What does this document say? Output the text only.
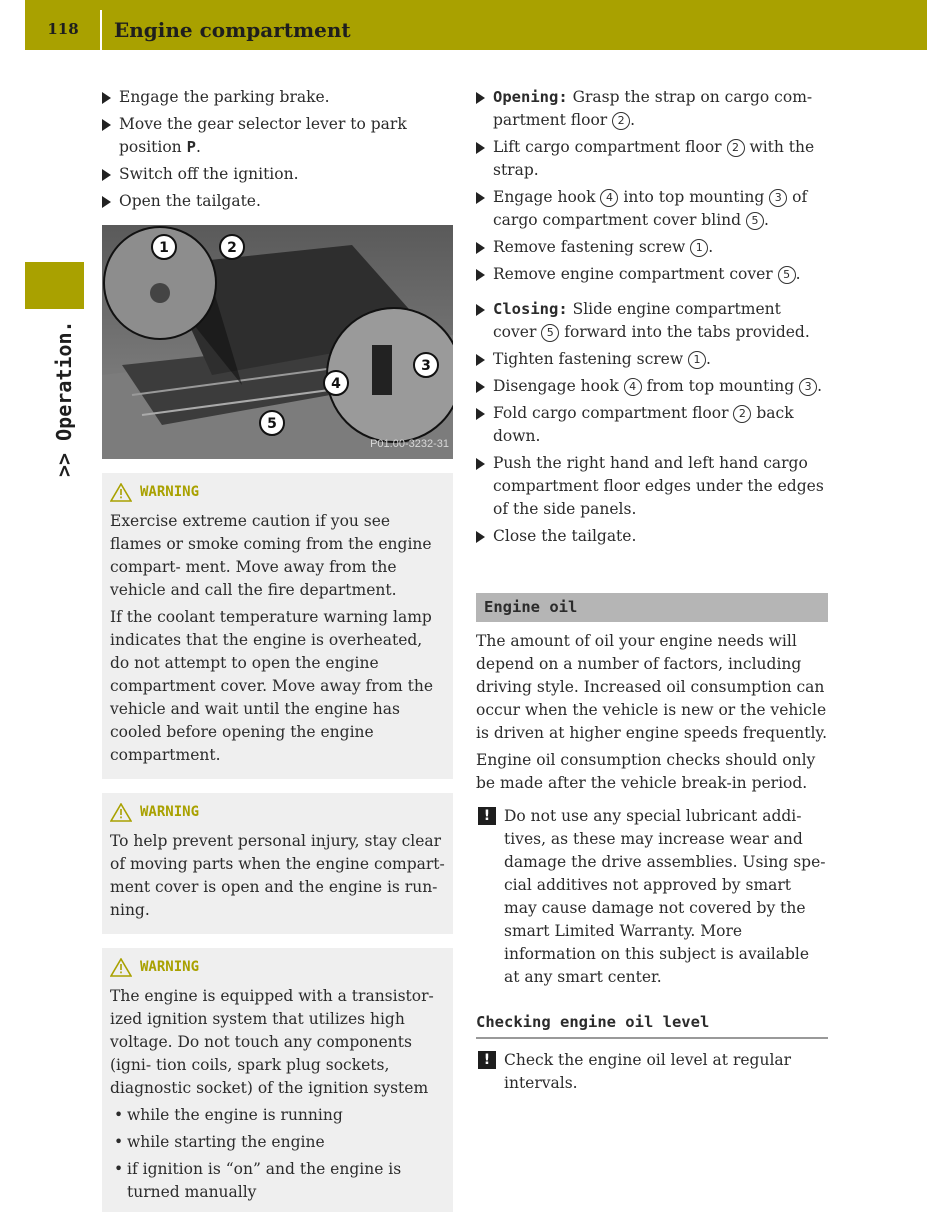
118	Engine compartment
>> Operation.
Engage the parking brake.
Move the gear selector lever to park position P.
Switch off the ignition.
Open the tailgate.
1	2
3
4
5
P01.00-3232-31
WARNING

Exercise extreme caution if you see flames or smoke coming from the engine compart- ment. Move away from the vehicle and call the fire department.

If the coolant temperature warning lamp indicates that the engine is overheated, do not attempt to open the engine compartment cover. Move away from the vehicle and wait until the engine has cooled before opening the engine compartment.

WARNING

To help prevent personal injury, stay clear of moving parts when the engine compart- ment cover is open and the engine is run- ning.

WARNING

The engine is equipped with a transistor- ized ignition system that utilizes high voltage. Do not touch any components (igni- tion coils, spark plug sockets, diagnostic socket) of the ignition system

• while the engine is running
• while starting the engine
• if ignition is “on” and the engine is turned manually
Opening: Grasp the strap on cargo com- partment floor 2 .
Lift cargo compartment floor 2 with the strap.
Engage hook 4 into top mounting 3 of cargo compartment cover blind 5 .
Remove fastening screw 1 .
Remove engine compartment cover 5 .
Closing: Slide engine compartment cover 5 forward into the tabs provided.
Tighten fastening screw 1 .
Disengage hook 4 from top mounting 3 .
Fold cargo compartment floor 2 back down.
Push the right hand and left hand cargo compartment floor edges under the edges of the side panels.
Close the tailgate.
Engine oil

The amount of oil your engine needs will depend on a number of factors, including driving style. Increased oil consumption can occur when the vehicle is new or the vehicle is driven at higher engine speeds frequently.

Engine oil consumption checks should only be made after the vehicle break-in period.

! Do not use any special lubricant addi- tives, as these may increase wear and damage the drive assemblies. Using spe- cial additives not approved by smart may cause damage not covered by the smart Limited Warranty. More information on this subject is available at any smart center.
Checking engine oil level
! Check the engine oil level at regular intervals.
